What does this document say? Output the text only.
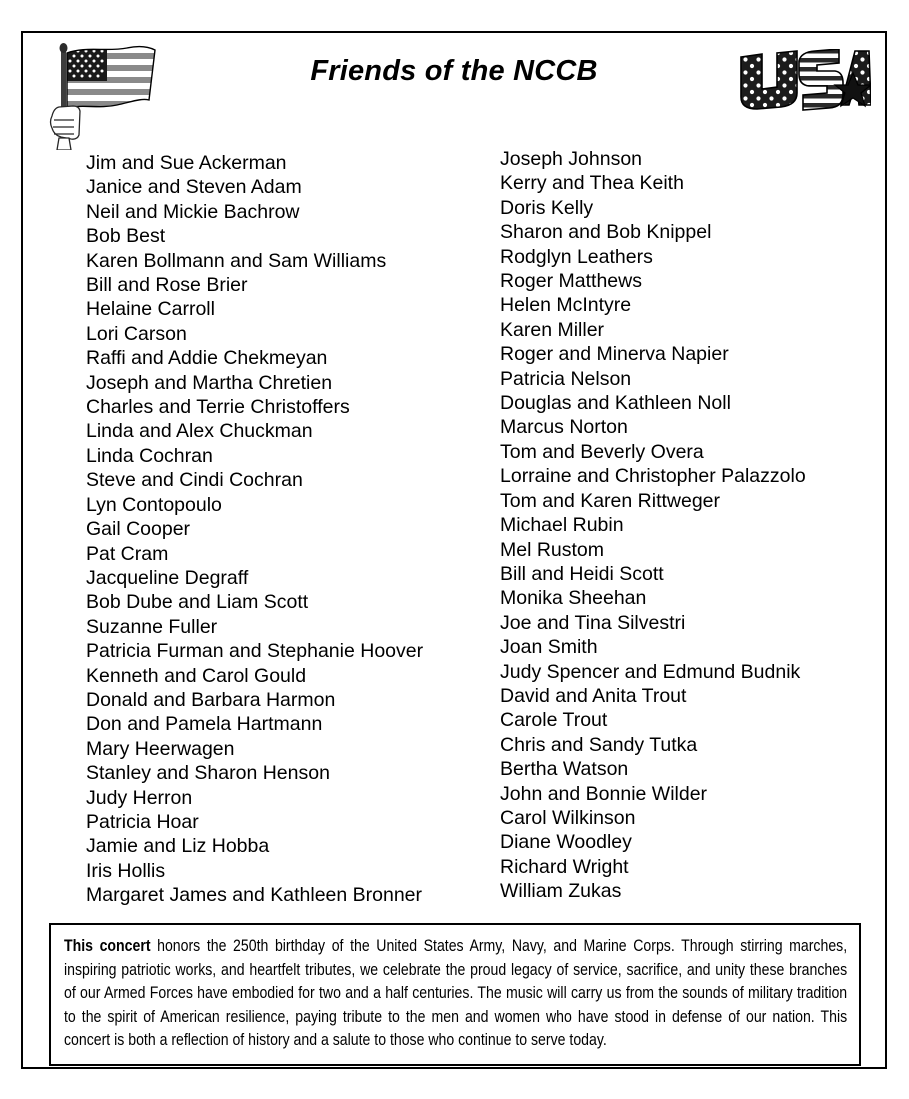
Friends of the NCCB
Jim and Sue Ackerman
Janice and Steven Adam
Neil and Mickie Bachrow
Bob Best
Karen Bollmann and Sam Williams
Bill and Rose Brier
Helaine Carroll
Lori Carson
Raffi and Addie Chekmeyan
Joseph and Martha Chretien
Charles and Terrie Christoffers
Linda and Alex Chuckman
Linda Cochran
Steve and Cindi Cochran
Lyn Contopoulo
Gail Cooper
Pat Cram
Jacqueline Degraff
Bob Dube and Liam Scott
Suzanne Fuller
Patricia Furman and Stephanie Hoover
Kenneth and Carol Gould
Donald and Barbara Harmon
Don and Pamela Hartmann
Mary Heerwagen
Stanley and Sharon Henson
Judy Herron
Patricia Hoar
Jamie and Liz Hobba
Iris Hollis
Margaret James and Kathleen Bronner
Joseph Johnson
Kerry and Thea Keith
Doris Kelly
Sharon and Bob Knippel
Rodglyn Leathers
Roger Matthews
Helen McIntyre
Karen Miller
Roger and Minerva Napier
Patricia Nelson
Douglas and Kathleen Noll
Marcus Norton
Tom and Beverly Overa
Lorraine and Christopher Palazzolo
Tom and Karen Rittweger
Michael Rubin
Mel Rustom
Bill and Heidi Scott
Monika Sheehan
Joe and Tina Silvestri
Joan Smith
Judy Spencer and Edmund Budnik
David and Anita Trout
Carole Trout
Chris and Sandy Tutka
Bertha Watson
John and Bonnie Wilder
Carol Wilkinson
Diane Woodley
Richard Wright
William Zukas

This concert honors the 250th birthday of the United States Army, Navy, and Marine Corps. Through stirring marches, inspiring patriotic works, and heartfelt tributes, we celebrate the proud legacy of service, sacrifice, and unity these branches of our Armed Forces have embodied for two and a half centuries. The music will carry us from the sounds of military tradition to the spirit of American resilience, paying tribute to the men and women who have stood in defense of our nation. This concert is both a reflection of history and a salute to those who continue to serve today.
